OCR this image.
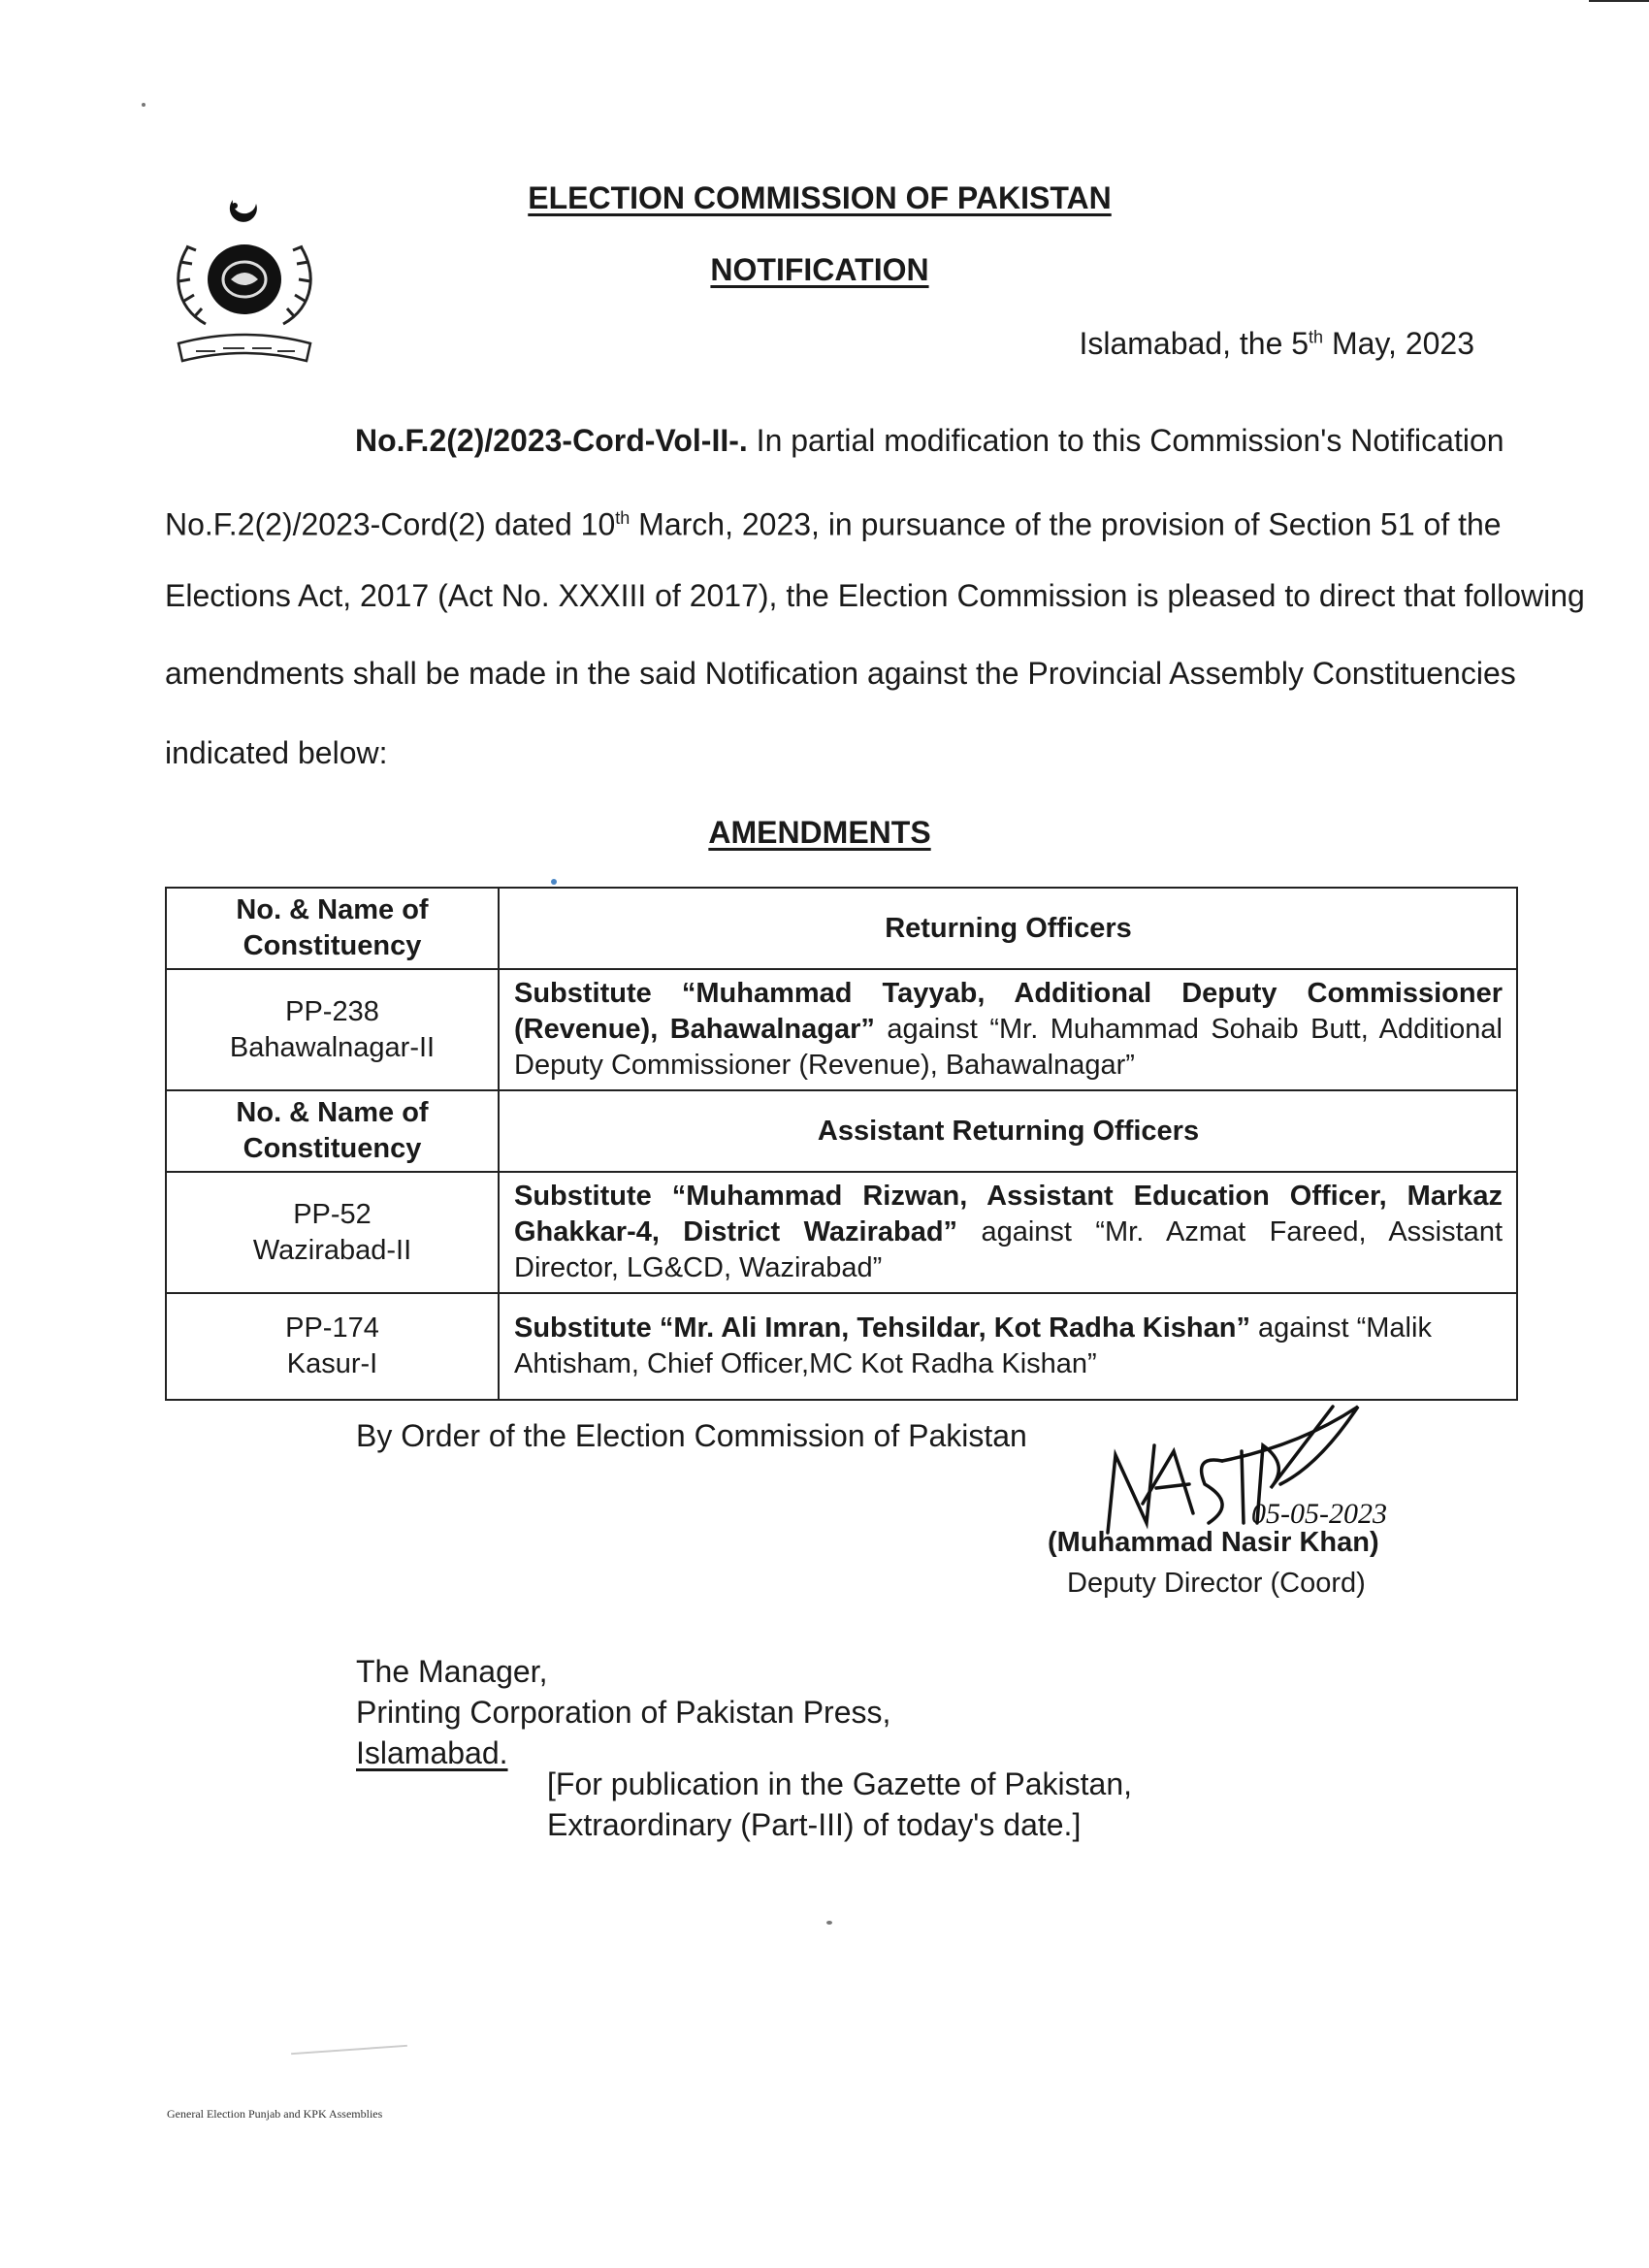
ELECTION COMMISSION OF PAKISTAN
NOTIFICATION
Islamabad, the 5th May, 2023
No.F.2(2)/2023-Cord-Vol-II-. In partial modification to this Commission's Notification
No.F.2(2)/2023-Cord(2) dated 10th March, 2023, in pursuance of the provision of Section 51 of the
Elections Act, 2017 (Act No. XXXIII of 2017), the Election Commission is pleased to direct that following
amendments shall be made in the said Notification against the Provincial Assembly Constituencies
indicated below:
AMENDMENTS
No. & Name of Constituency	Returning Officers

PP-238
Bahawalnagar-II	Substitute “Muhammad Tayyab, Additional Deputy Commissioner (Revenue), Bahawalnagar” against “Mr. Muhammad Sohaib Butt, Additional Deputy Commissioner (Revenue), Bahawalnagar”
No. & Name of Constituency	Assistant Returning Officers

PP-52
Wazirabad-II	Substitute “Muhammad Rizwan, Assistant Education Officer, Markaz Ghakkar-4, District Wazirabad” against “Mr. Azmat Fareed, Assistant Director, LG&CD, Wazirabad”

PP-174
Kasur-I	Substitute “Mr. Ali Imran, Tehsildar, Kot Radha Kishan” against “Malik Ahtisham, Chief Officer,MC Kot Radha Kishan”
By Order of the Election Commission of Pakistan
05-05-2023
(Muhammad Nasir Khan)
Deputy Director (Coord)
The Manager,
Printing Corporation of Pakistan Press,
Islamabad.
[For publication in the Gazette of Pakistan,
Extraordinary (Part-III) of today's date.]
General Election Punjab and KPK Assemblies
